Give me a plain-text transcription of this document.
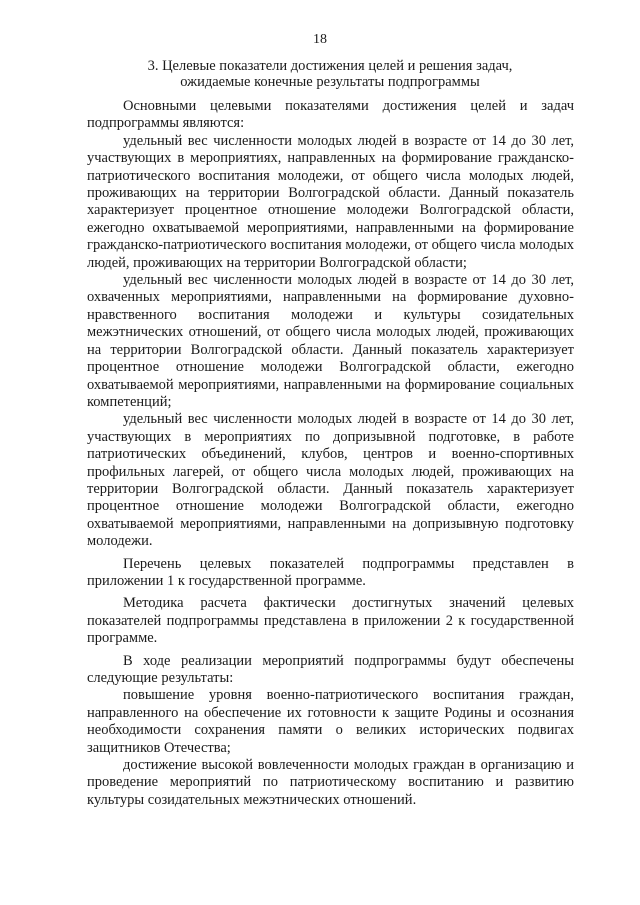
18
3. Целевые показатели достижения целей и решения задач,
ожидаемые конечные результаты подпрограммы

Основными целевыми показателями достижения целей и задач подпрограммы являются:

удельный вес численности молодых людей в возрасте от 14 до 30 лет, участвующих в мероприятиях, направленных на формирование гражданско-патриотического воспитания молодежи, от общего числа молодых людей, проживающих на территории Волгоградской области. Данный показатель характеризует процентное отношение молодежи Волгоградской области, ежегодно охватываемой мероприятиями, направленными на формирование гражданско-патриотического воспитания молодежи, от общего числа молодых людей, проживающих на территории Волгоградской области;

удельный вес численности молодых людей в возрасте от 14 до 30 лет, охваченных мероприятиями, направленными на формирование духовно-нравственного воспитания молодежи и культуры созидательных межэтнических отношений, от общего числа молодых людей, проживающих на территории Волгоградской области. Данный показатель характеризует процентное отношение молодежи Волгоградской области, ежегодно охватываемой мероприятиями, направленными на формирование социальных компетенций;

удельный вес численности молодых людей в возрасте от 14 до 30 лет, участвующих в мероприятиях по допризывной подготовке, в работе патриотических объединений, клубов, центров и военно-спортивных профильных лагерей, от общего числа молодых людей, проживающих на территории Волгоградской области. Данный показатель характеризует процентное отношение молодежи Волгоградской области, ежегодно охватываемой мероприятиями, направленными на допризывную подготовку молодежи.

Перечень целевых показателей подпрограммы представлен в приложении 1 к государственной программе.

Методика расчета фактически достигнутых значений целевых показателей подпрограммы представлена в приложении 2 к государственной программе.

В ходе реализации мероприятий подпрограммы будут обеспечены следующие результаты:

повышение уровня военно-патриотического воспитания граждан, направленного на обеспечение их готовности к защите Родины и осознания необходимости сохранения памяти о великих исторических подвигах защитников Отечества;

достижение высокой вовлеченности молодых граждан в организацию и проведение мероприятий по патриотическому воспитанию и развитию культуры созидательных межэтнических отношений.
